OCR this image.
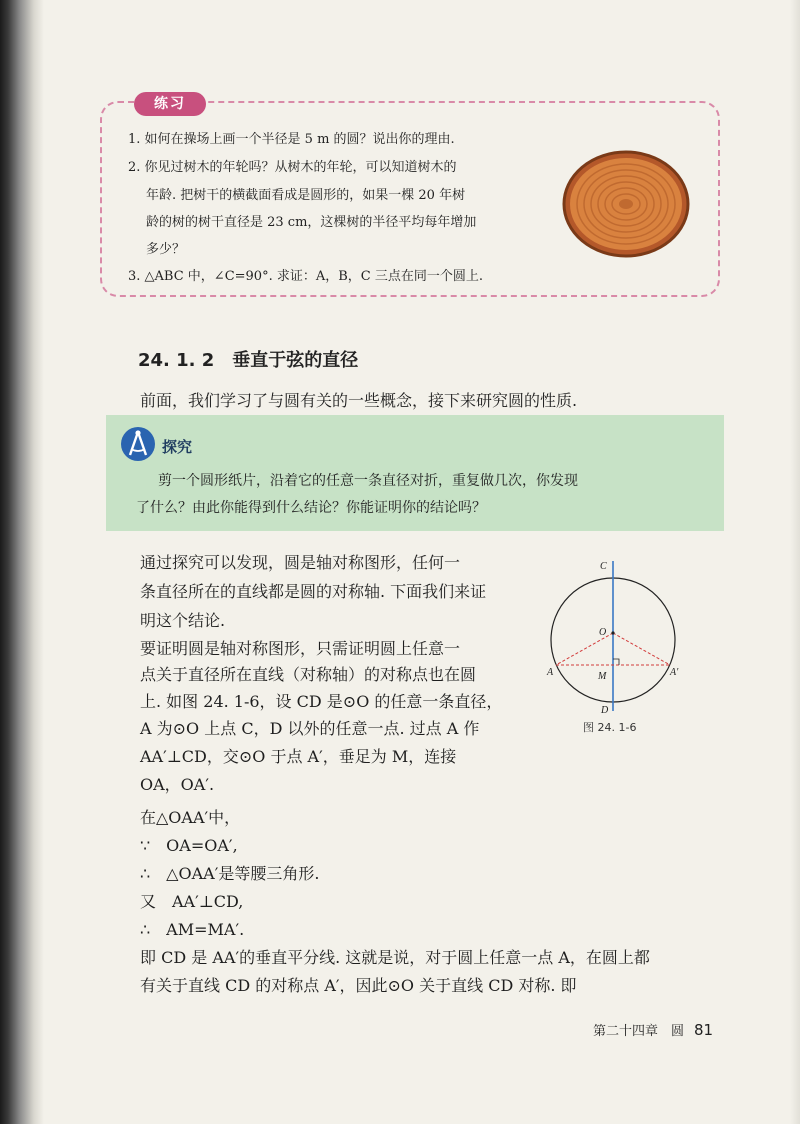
练习
1. 如何在操场上画一个半径是 5 m 的圆？说出你的理由.
2. 你见过树木的年轮吗？从树木的年轮，可以知道树木的
年龄. 把树干的横截面看成是圆形的，如果一棵 20 年树
龄的树的树干直径是 23 cm，这棵树的半径平均每年增加
多少？
3. △ABC 中，∠C=90°. 求证：A，B，C 三点在同一个圆上.
24. 1. 2　垂直于弦的直径
前面，我们学习了与圆有关的一些概念，接下来研究圆的性质.
探究
剪一个圆形纸片，沿着它的任意一条直径对折，重复做几次，你发现
了什么？由此你能得到什么结论？你能证明你的结论吗？
通过探究可以发现，圆是轴对称图形，任何一
条直径所在的直线都是圆的对称轴. 下面我们来证
明这个结论.
要证明圆是轴对称图形，只需证明圆上任意一
点关于直径所在直线（对称轴）的对称点也在圆
上. 如图 24. 1-6，设 CD 是⊙O 的任意一条直径，
A 为⊙O 上点 C，D 以外的任意一点. 过点 A 作
AA′⊥CD，交⊙O 于点 A′，垂足为 M，连接
OA，OA′.
在△OAA′中，
∵　OA=OA′,
∴　△OAA′是等腰三角形.
又　AA′⊥CD,
∴　AM=MA′.
即 CD 是 AA′的垂直平分线. 这就是说，对于圆上任意一点 A，在圆上都
有关于直线 CD 的对称点 A′，因此⊙O 关于直线 CD 对称. 即
C
D
O
A	A′
M
图 24. 1-6
第二十四章　圆 81
